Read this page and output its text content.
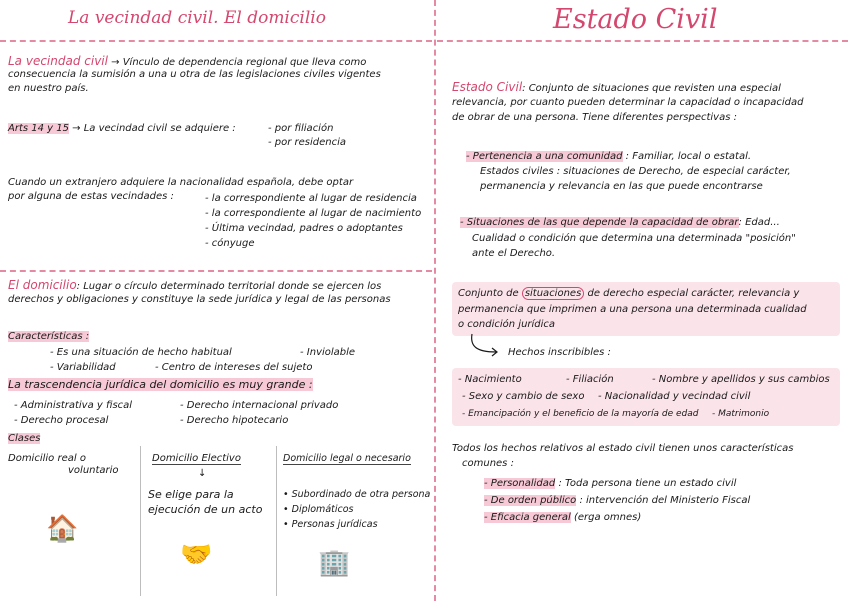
La vecindad civil. El domicilio
La vecindad civil → Vínculo de dependencia regional que lleva como
consecuencia la sumisión a una u otra de las legislaciones civiles vigentes
en nuestro país.
Arts 14 y 15 → La vecindad civil se adquiere :	- por filiación
- por residencia
Cuando un extranjero adquiere la nacionalidad española, debe optar
por alguna de estas vecindades :	- la correspondiente al lugar de residencia
- la correspondiente al lugar de nacimiento
- Última vecindad, padres o adoptantes
- cónyuge
El domicilio: Lugar o círculo determinado territorial donde se ejercen los
derechos y obligaciones y constituye la sede jurídica y legal de las personas
Características :
- Es una situación de hecho habitual	- Inviolable
- Variabilidad	- Centro de intereses del sujeto
La trascendencia jurídica del domicilio es muy grande :
- Administrativa y fiscal	- Derecho internacional privado
- Derecho procesal	- Derecho hipotecario
Clases
Domicilio real o
voluntario
🏠
Domicilio Electivo
↓
Se elige para la
ejecución de un acto
🤝
Domicilio legal o necesario
• Subordinado de otra persona
• Diplomáticos
• Personas jurídicas
🏢
Estado Civil
Estado Civil: Conjunto de situaciones que revisten una especial
relevancia, por cuanto pueden determinar la capacidad o incapacidad
de obrar de una persona. Tiene diferentes perspectivas :
- Pertenencia a una comunidad : Familiar, local o estatal.
Estados civiles : situaciones de Derecho, de especial carácter,
permanencia y relevancia en las que puede encontrarse
- Situaciones de las que depende la capacidad de obrar: Edad...
Cualidad o condición que determina una determinada "posición"
ante el Derecho.
Conjunto de situaciones de derecho especial carácter, relevancia y
permanencia que imprimen a una persona una determinada cualidad
o condición jurídica
Hechos inscribibles :
- Nacimiento	- Filiación	- Nombre y apellidos y sus cambios
- Sexo y cambio de sexo - Nacionalidad y vecindad civil
- Emancipación y el beneficio de la mayoría de edad - Matrimonio
Todos los hechos relativos al estado civil tienen unos características
comunes :
- Personalidad : Toda persona tiene un estado civil
- De orden público : intervención del Ministerio Fiscal
- Eficacia general (erga omnes)
